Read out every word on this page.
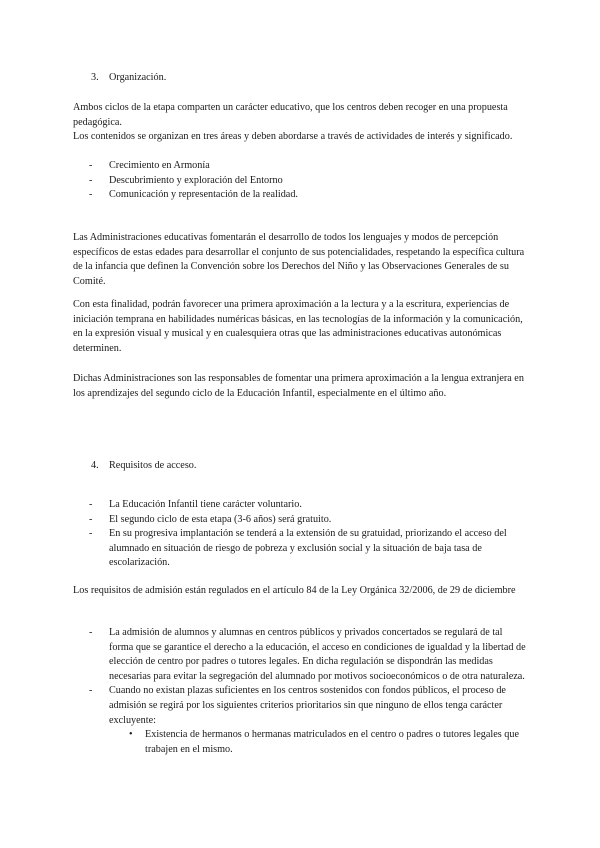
3. Organización.

Ambos ciclos de la etapa comparten un carácter educativo, que los centros deben recoger en una propuesta pedagógica.

Los contenidos se organizan en tres áreas y deben abordarse a través de actividades de interés y significado.

- Crecimiento en Armonía
- Descubrimiento y exploración del Entorno
- Comunicación y representación de la realidad.

Las Administraciones educativas fomentarán el desarrollo de todos los lenguajes y modos de percepción específicos de estas edades para desarrollar el conjunto de sus potencialidades, respetando la específica cultura de la infancia que definen la Convención sobre los Derechos del Niño y las Observaciones Generales de su Comité.

Con esta finalidad, podrán favorecer una primera aproximación a la lectura y a la escritura, experiencias de iniciación temprana en habilidades numéricas básicas, en las tecnologías de la información y la comunicación, en la expresión visual y musical y en cualesquiera otras que las administraciones educativas autonómicas determinen.

Dichas Administraciones son las responsables de fomentar una primera aproximación a la lengua extranjera en los aprendizajes del segundo ciclo de la Educación Infantil, especialmente en el último año.

4. Requisitos de acceso.

- La Educación Infantil tiene carácter voluntario.
- El segundo ciclo de esta etapa (3-6 años) será gratuito.
- En su progresiva implantación se tenderá a la extensión de su gratuidad, priorizando el acceso del alumnado en situación de riesgo de pobreza y exclusión social y la situación de baja tasa de escolarización.

Los requisitos de admisión están regulados en el artículo 84 de la Ley Orgánica 32/2006, de 29 de diciembre

- La admisión de alumnos y alumnas en centros públicos y privados concertados se regulará de tal forma que se garantice el derecho a la educación, el acceso en condiciones de igualdad y la libertad de elección de centro por padres o tutores legales. En dicha regulación se dispondrán las medidas necesarias para evitar la segregación del alumnado por motivos socioeconómicos o de otra naturaleza.
- Cuando no existan plazas suficientes en los centros sostenidos con fondos públicos, el proceso de admisión se regirá por los siguientes criterios prioritarios sin que ninguno de ellos tenga carácter excluyente:
• Existencia de hermanos o hermanas matriculados en el centro o padres o tutores legales que trabajen en el mismo.
